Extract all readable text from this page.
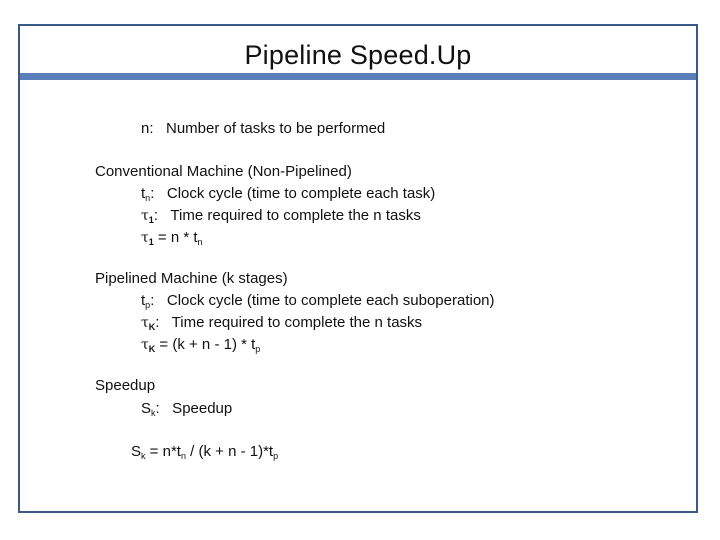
Pipeline Speed.Up
n:   Number of tasks to be performed
Conventional Machine (Non-Pipelined)
$t_n$:   Clock cycle (time to complete each task)
$\tau_1$:   Time required to complete the n tasks
$\tau_1 = n * t_n$
Pipelined Machine (k stages)
$t_p$:   Clock cycle (time to complete each suboperation)
$\tau_K$:   Time required to complete the n tasks
$\tau_K = (k + n - 1) * t_p$
Speedup
$S_k$:   Speedup
$S_k = n*t_n / (k + n - 1)*t_p$
